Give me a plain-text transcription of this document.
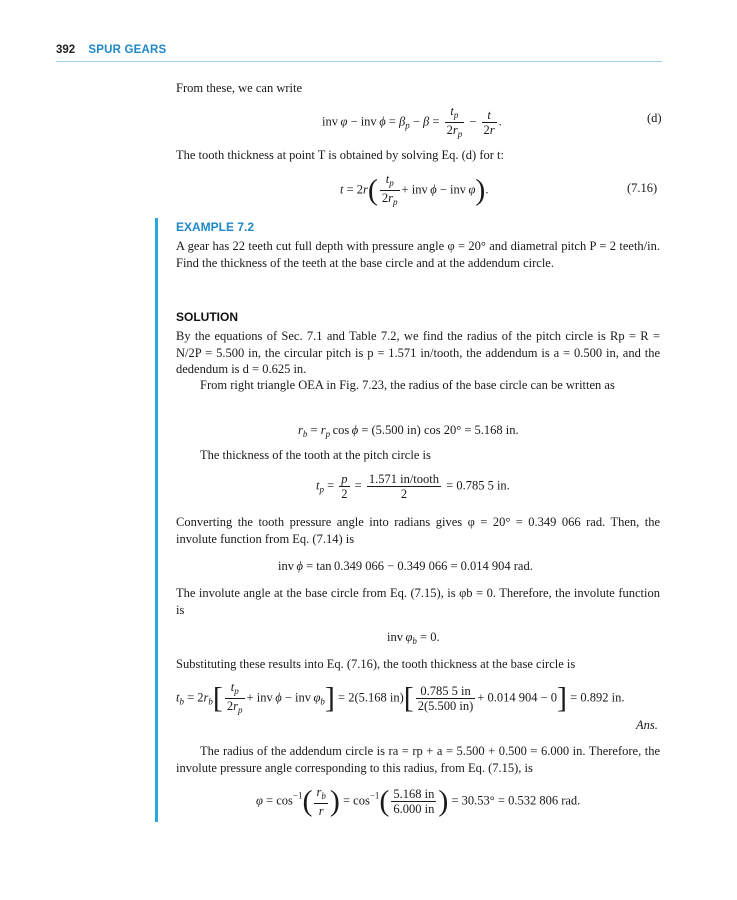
392 SPUR GEARS
From these, we can write
inv φ − inv $\phi = \beta_p - \beta = \frac{t_p}{2r_p} - \frac{t}{2r}$ .	(d)
The tooth thickness at point T is obtained by solving Eq. (d) for t:
$t = 2r( \frac{t_p}{2r_p}$ + inv ϕ − inv φ).	(7.16)
EXAMPLE 7.2
A gear has 22 teeth cut full depth with pressure angle φ = 20° and diametral pitch P = 2 teeth/in. Find the thickness of the teeth at the base circle and at the addendum circle.
SOLUTION
By the equations of Sec. 7.1 and Table 7.2, we find the radius of the pitch circle is Rp = R = N/2P = 5.500 in, the circular pitch is p = 1.571 in/tooth, the addendum is a = 0.500 in, and the dedendum is d = 0.625 in.
From right triangle OEA in Fig. 7.23, the radius of the base circle can be written as
$r_b = r_p$ cos ϕ = (5.500 in) cos 20° = 5.168 in.
The thickness of the tooth at the pitch circle is
$t_p = \frac{p}{2} = \frac{\text{1.571 in/tooth}}{2} = 0.785$ 5 in.
Converting the tooth pressure angle into radians gives φ = 20° = 0.349 066 rad. Then, the involute function from Eq. (7.14) is
inv ϕ = tan 0.349 066 − 0.349 066 = 0.014 904 rad.
The involute angle at the base circle from Eq. (7.15), is φb = 0. Therefore, the involute function is
inv $\varphi_b = 0$.
Substituting these results into Eq. (7.16), the tooth thickness at the base circle is
$t_b = 2r_b[ \frac{t_p}{2r_p}$ + inv ϕ − inv $\varphi_b] = 2(5.168$ $in)[ \frac{0.785 5 in}{2(5.500 in)} + 0.014$ 904 − 0] = 0.892 in.
Ans.
The radius of the addendum circle is ra = rp + a = 5.500 + 0.500 = 6.000 in. Therefore, the involute pressure angle corresponding to this radius, from Eq. (7.15), is
$\varphi = \cos^{-1}( \frac{r_b}{r}$ ) = $\cos^{-1}( \frac{5.168 in}{6.000 in}$ ) = 30.53° = 0.532 806 rad.
